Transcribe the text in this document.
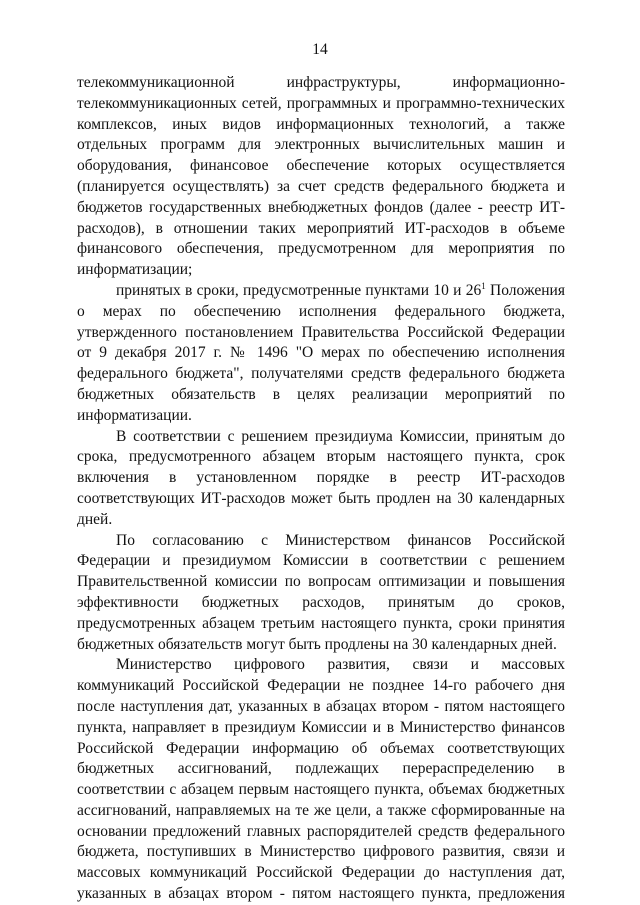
14

телекоммуникационной инфраструктуры, информационно-телекоммуникационных сетей, программных и программно-технических комплексов, иных видов информационных технологий, а также отдельных программ для электронных вычислительных машин и оборудования, финансовое обеспечение которых осуществляется (планируется осуществлять) за счет средств федерального бюджета и бюджетов государственных внебюджетных фондов (далее - реестр ИТ-расходов), в отношении таких мероприятий ИТ-расходов в объеме финансового обеспечения, предусмотренном для мероприятия по информатизации;

принятых в сроки, предусмотренные пунктами 10 и $26^1$ Положения о мерах по обеспечению исполнения федерального бюджета, утвержденного постановлением Правительства Российской Федерации от 9 декабря 2017 г. № 1496 "О мерах по обеспечению исполнения федерального бюджета", получателями средств федерального бюджета бюджетных обязательств в целях реализации мероприятий по информатизации.

В соответствии с решением президиума Комиссии, принятым до срока, предусмотренного абзацем вторым настоящего пункта, срок включения в установленном порядке в реестр ИТ-расходов соответствующих ИТ-расходов может быть продлен на 30 календарных дней.

По согласованию с Министерством финансов Российской Федерации и президиумом Комиссии в соответствии с решением Правительственной комиссии по вопросам оптимизации и повышения эффективности бюджетных расходов, принятым до сроков, предусмотренных абзацем третьим настоящего пункта, сроки принятия бюджетных обязательств могут быть продлены на 30 календарных дней.

Министерство цифрового развития, связи и массовых коммуникаций Российской Федерации не позднее 14-го рабочего дня после наступления дат, указанных в абзацах втором - пятом настоящего пункта, направляет в президиум Комиссии и в Министерство финансов Российской Федерации информацию об объемах соответствующих бюджетных ассигнований, подлежащих перераспределению в соответствии с абзацем первым настоящего пункта, объемах бюджетных ассигнований, направляемых на те же цели, а также сформированные на основании предложений главных распорядителей средств федерального бюджета, поступивших в Министерство цифрового развития, связи и массовых коммуникаций Российской Федерации до наступления дат, указанных в абзацах втором - пятом настоящего пункта, предложения
